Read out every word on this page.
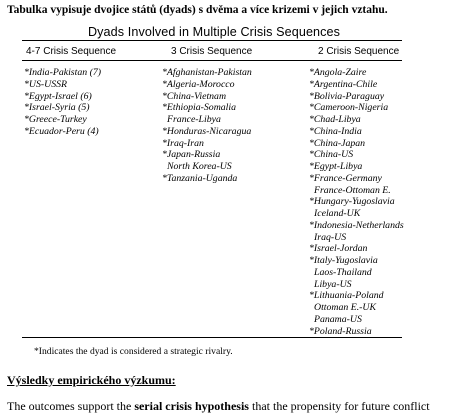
Tabulka vypisuje dvojice států (dyads) s dvěma a více krizemi v jejich vztahu.
Dyads Involved in Multiple Crisis Sequences
4-7 Crisis Sequence	3 Crisis Sequence	2 Crisis Sequence
*India-Pakistan (7)
*US-USSR
*Egypt-Israel (6)
*Israel-Syria (5)
*Greece-Turkey
*Ecuador-Peru (4)
*Afghanistan-Pakistan
*Algeria-Morocco
*China-Vietnam
*Ethiopia-Somalia
France-Libya
*Honduras-Nicaragua
*Iraq-Iran
*Japan-Russia
North Korea-US
*Tanzania-Uganda
*Angola-Zaire
*Argentina-Chile
*Bolivia-Paraguay
*Cameroon-Nigeria
*Chad-Libya
*China-India
*China-Japan
*China-US
*Egypt-Libya
*France-Germany
France-Ottoman E.
*Hungary-Yugoslavia
Iceland-UK
*Indonesia-Netherlands
Iraq-US
*Israel-Jordan
*Italy-Yugoslavia
Laos-Thailand
Libya-US
*Lithuania-Poland
Ottoman E.-UK
Panama-US
*Poland-Russia
*Indicates the dyad is considered a strategic rivalry.
Výsledky empirického výzkumu:
The outcomes support the serial crisis hypothesis that the propensity for future conflict
